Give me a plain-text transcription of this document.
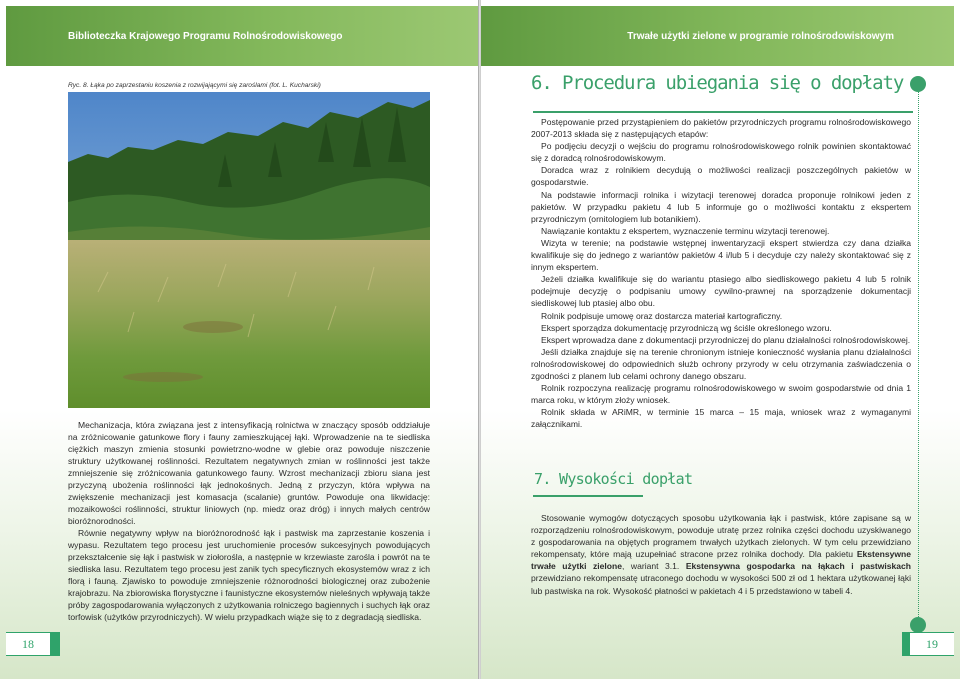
Biblioteczka Krajowego Programu Rolnośrodowiskowego
Ryc. 8. Łąka po zaprzestaniu koszenia z rozwijającymi się zaroślami (fot. L. Kucharski)

Mechanizacja, która związana jest z intensyfikacją rolnictwa w znaczący sposób oddziałuje na zróżnicowanie gatunkowe flory i fauny zamieszkującej łąki. Wprowadzenie na te siedliska ciężkich maszyn zmienia stosunki powietrzno-wodne w glebie oraz powoduje niszczenie struktury użytkowanej roślinności. Rezultatem negatywnych zmian w roślinności jest także zmniejszenie się zróżnicowania gatunkowego fauny. Wzrost mechanizacji zbioru siana jest przyczyną ubożenia roślinności łąk jednokośnych. Jedną z przyczyn, która wpływa na zwiększenie mechanizacji jest komasacja (scalanie) gruntów. Powoduje ona likwidację: mozaikowości roślinności, struktur liniowych (np. miedz oraz dróg) i innych małych centrów bioróżnorodności.

Równie negatywny wpływ na bioróżnorodność łąk i pastwisk ma zaprzestanie koszenia i wypasu. Rezultatem tego procesu jest uruchomienie procesów sukcesyjnych powodujących przekształcenie się łąk i pastwisk w ziołorośla, a następnie w krzewiaste zarośla i powrót na te siedliska lasu. Rezultatem tego procesu jest zanik tych specyficznych ekosystemów wraz z ich florą i fauną. Zjawisko to powoduje zmniejszenie różnorodności biologicznej oraz zubożenie krajobrazu. Na zbiorowiska florystyczne i faunistyczne ekosystemów nieleśnych wpływają także próby zagospodarowania wyłączonych z użytkowania rolniczego bagiennych i suchych łąk oraz torfowisk (użytków przyrodniczych). W wielu przypadkach wiąże się to z degradacją siedliska.

18
Trwałe użytki zielone w programie rolnośrodowiskowym
6. Procedura ubiegania się o dopłaty

Postępowanie przed przystąpieniem do pakietów przyrodniczych programu rolnośrodowiskowego 2007-2013 składa się z następujących etapów:

Po podjęciu decyzji o wejściu do programu rolnośrodowiskowego rolnik powinien skontaktować się z doradcą rolnośrodowiskowym.

Doradca wraz z rolnikiem decydują o możliwości realizacji poszczególnych pakietów w gospodarstwie.

Na podstawie informacji rolnika i wizytacji terenowej doradca proponuje rolnikowi jeden z pakietów. W przypadku pakietu 4 lub 5 informuje go o możliwości kontaktu z ekspertem przyrodniczym (ornitologiem lub botanikiem).

Nawiązanie kontaktu z ekspertem, wyznaczenie terminu wizytacji terenowej.

Wizyta w terenie; na podstawie wstępnej inwentaryzacji ekspert stwierdza czy dana działka kwalifikuje się do jednego z wariantów pakietów 4 i/lub 5 i decyduje czy należy skontaktować się z innym ekspertem.

Jeżeli działka kwalifikuje się do wariantu ptasiego albo siedliskowego pakietu 4 lub 5 rolnik podejmuje decyzję o podpisaniu umowy cywilno-prawnej na sporządzenie dokumentacji siedliskowej lub ptasiej albo obu.

Rolnik podpisuje umowę oraz dostarcza materiał kartograficzny.

Ekspert sporządza dokumentację przyrodniczą wg ściśle określonego wzoru.

Ekspert wprowadza dane z dokumentacji przyrodniczej do planu działalności rolnośrodowiskowej.

Jeśli działka znajduje się na terenie chronionym istnieje konieczność wysłania planu działalności rolnośrodowiskowej do odpowiednich służb ochrony przyrody w celu otrzymania zaświadczenia o zgodności z planem lub celami ochrony danego obszaru.

Rolnik rozpoczyna realizację programu rolnośrodowiskowego w swoim gospodarstwie od dnia 1 marca roku, w którym złoży wniosek.

Rolnik składa w ARiMR, w terminie 15 marca – 15 maja, wniosek wraz z wymaganymi załącznikami.

7. Wysokości dopłat

Stosowanie wymogów dotyczących sposobu użytkowania łąk i pastwisk, które zapisane są w rozporządzeniu rolnośrodowiskowym, powoduje utratę przez rolnika części dochodu uzyskiwanego z gospodarowania na objętych programem trwałych użytkach zielonych. W tym celu przewidziano rekompensaty, które mają uzupełniać stracone przez rolnika dochody. Dla pakietu Ekstensywne trwałe użytki zielone, wariant 3.1. Ekstensywna gospodarka na łąkach i pastwiskach przewidziano rekompensatę utraconego dochodu w wysokości 500 zł od 1 hektara użytkowanej łąki lub pastwiska na rok. Wysokość płatności w pakietach 4 i 5 przedstawiono w tabeli 4.

19
